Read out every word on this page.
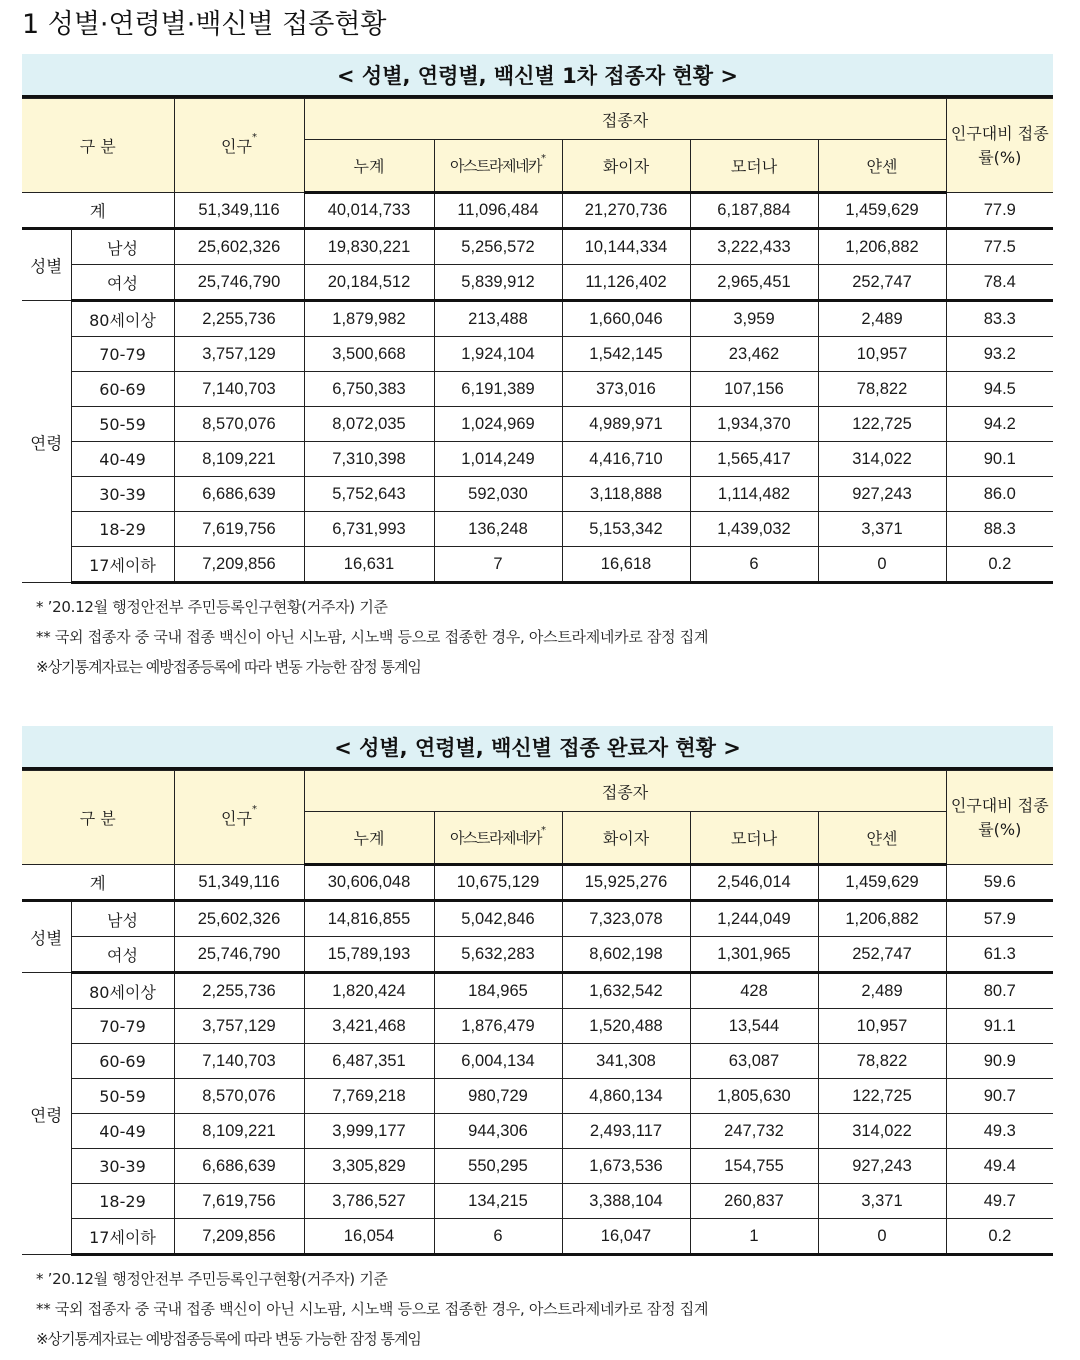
1 성별·연령별·백신별 접종현황
< 성별, 연령별, 백신별 1차 접종자 현황 >
구 분		인구*	접종자					인구대비 접종률(%)
			누계	아스트라제네카*	화이자	모더나	얀센	
계		51,349,116	40,014,733	11,096,484	21,270,736	6,187,884	1,459,629	77.9
성별	남성	25,602,326	19,830,221	5,256,572	10,144,334	3,222,433	1,206,882	77.5
	여성	25,746,790	20,184,512	5,839,912	11,126,402	2,965,451	252,747	78.4
연령	80세이상	2,255,736	1,879,982	213,488	1,660,046	3,959	2,489	83.3
	70-79	3,757,129	3,500,668	1,924,104	1,542,145	23,462	10,957	93.2
	60-69	7,140,703	6,750,383	6,191,389	373,016	107,156	78,822	94.5
	50-59	8,570,076	8,072,035	1,024,969	4,989,971	1,934,370	122,725	94.2
	40-49	8,109,221	7,310,398	1,014,249	4,416,710	1,565,417	314,022	90.1
	30-39	6,686,639	5,752,643	592,030	3,118,888	1,114,482	927,243	86.0
	18-29	7,619,756	6,731,993	136,248	5,153,342	1,439,032	3,371	88.3
	17세이하	7,209,856	16,631	7	16,618	6	0	0.2
* ’20.12월 행정안전부 주민등록인구현황(거주자) 기준
** 국외 접종자 중 국내 접종 백신이 아닌 시노팜, 시노백 등으로 접종한 경우, 아스트라제네카로 잠정 집계
※상기통계자료는 예방접종등록에 따라 변동 가능한 잠정 통계임
< 성별, 연령별, 백신별 접종 완료자 현황 >
구 분		인구*	접종자					인구대비 접종률(%)
			누계	아스트라제네카*	화이자	모더나	얀센	
계		51,349,116	30,606,048	10,675,129	15,925,276	2,546,014	1,459,629	59.6
성별	남성	25,602,326	14,816,855	5,042,846	7,323,078	1,244,049	1,206,882	57.9
	여성	25,746,790	15,789,193	5,632,283	8,602,198	1,301,965	252,747	61.3
연령	80세이상	2,255,736	1,820,424	184,965	1,632,542	428	2,489	80.7
	70-79	3,757,129	3,421,468	1,876,479	1,520,488	13,544	10,957	91.1
	60-69	7,140,703	6,487,351	6,004,134	341,308	63,087	78,822	90.9
	50-59	8,570,076	7,769,218	980,729	4,860,134	1,805,630	122,725	90.7
	40-49	8,109,221	3,999,177	944,306	2,493,117	247,732	314,022	49.3
	30-39	6,686,639	3,305,829	550,295	1,673,536	154,755	927,243	49.4
	18-29	7,619,756	3,786,527	134,215	3,388,104	260,837	3,371	49.7
	17세이하	7,209,856	16,054	6	16,047	1	0	0.2
* ’20.12월 행정안전부 주민등록인구현황(거주자) 기준
** 국외 접종자 중 국내 접종 백신이 아닌 시노팜, 시노백 등으로 접종한 경우, 아스트라제네카로 잠정 집계
※상기통계자료는 예방접종등록에 따라 변동 가능한 잠정 통계임
